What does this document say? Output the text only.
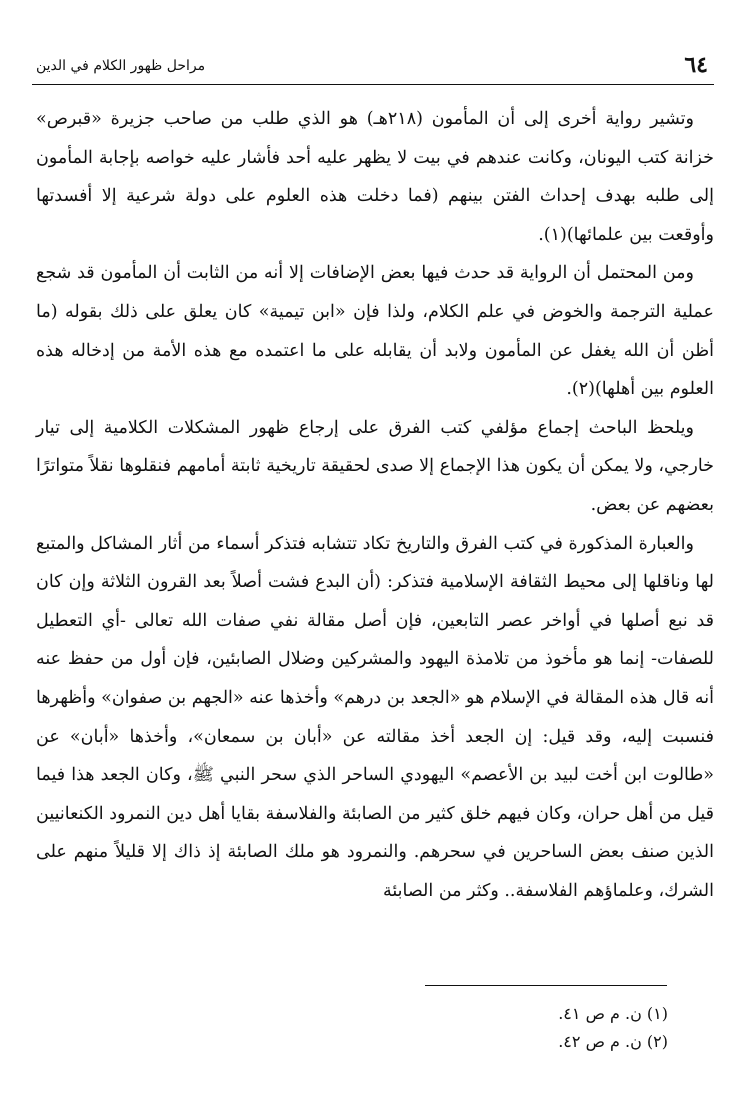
٦٤
مراحل ظهور الكلام في الدين

وتشير رواية أخرى إلى أن المأمون (٢١٨هـ) هو الذي طلب من صاحب جزيرة «قبرص» خزانة كتب اليونان، وكانت عندهم في بيت لا يظهر عليه أحد فأشار عليه خواصه بإجابة المأمون إلى طلبه بهدف إحداث الفتن بينهم (فما دخلت هذه العلوم على دولة شرعية إلا أفسدتها وأوقعت بين علمائها)(١).

ومن المحتمل أن الرواية قد حدث فيها بعض الإضافات إلا أنه من الثابت أن المأمون قد شجع عملية الترجمة والخوض في علم الكلام، ولذا فإن «ابن تيمية» كان يعلق على ذلك بقوله (ما أظن أن الله يغفل عن المأمون ولابد أن يقابله على ما اعتمده مع هذه الأمة من إدخاله هذه العلوم بين أهلها)(٢).

ويلحظ الباحث إجماع مؤلفي كتب الفرق على إرجاع ظهور المشكلات الكلامية إلى تيار خارجي، ولا يمكن أن يكون هذا الإجماع إلا صدى لحقيقة تاريخية ثابتة أمامهم فنقلوها نقلاً متواترًا بعضهم عن بعض.

والعبارة المذكورة في كتب الفرق والتاريخ تكاد تتشابه فتذكر أسماء من أثار المشاكل والمتبع لها وناقلها إلى محيط الثقافة الإسلامية فتذكر: (أن البدع فشت أصلاً بعد القرون الثلاثة وإن كان قد نبع أصلها في أواخر عصر التابعين، فإن أصل مقالة نفي صفات الله تعالى -أي التعطيل للصفات- إنما هو مأخوذ من تلامذة اليهود والمشركين وضلال الصابئين، فإن أول من حفظ عنه أنه قال هذه المقالة في الإسلام هو «الجعد بن درهم» وأخذها عنه «الجهم بن صفوان» وأظهرها فنسبت إليه، وقد قيل: إن الجعد أخذ مقالته عن «أبان بن سمعان»، وأخذها «أبان» عن «طالوت ابن أخت لبيد بن الأعصم» اليهودي الساحر الذي سحر النبي ﷺ، وكان الجعد هذا فيما قيل من أهل حران، وكان فيهم خلق كثير من الصابئة والفلاسفة بقايا أهل دين النمرود الكنعانيين الذين صنف بعض الساحرين في سحرهم. والنمرود هو ملك الصابئة إذ ذاك إلا قليلاً منهم على الشرك، وعلماؤهم الفلاسفة.. وكثر من الصابئة

(١) ن. م ص ٤١.
(٢) ن. م ص ٤٢.
